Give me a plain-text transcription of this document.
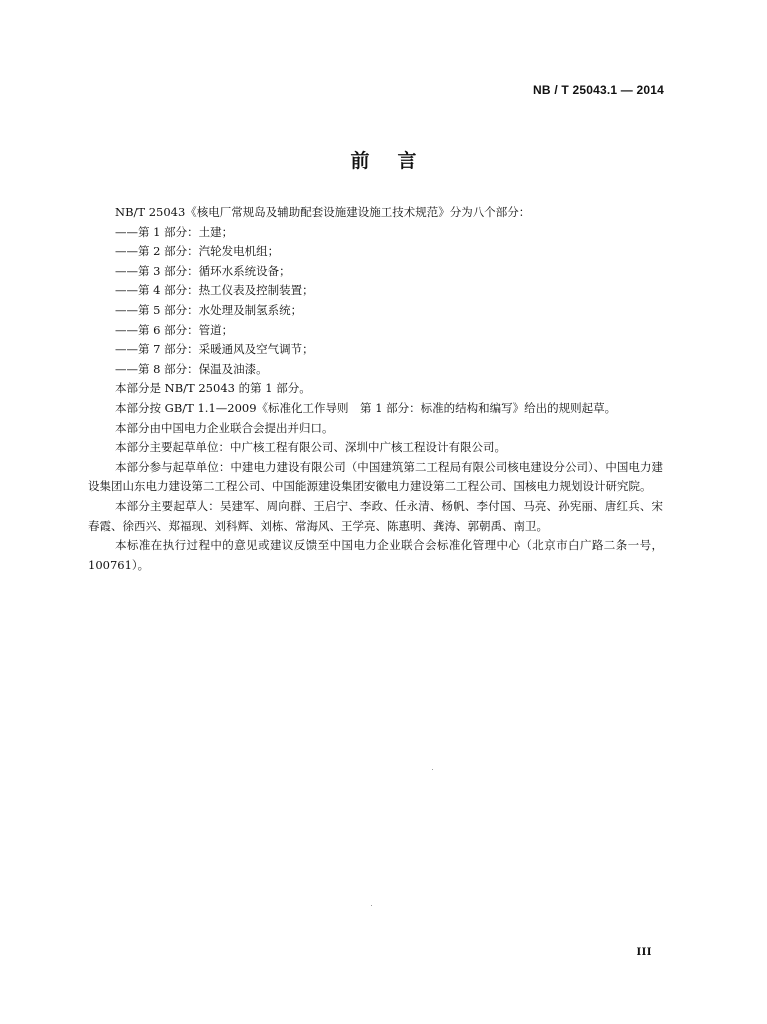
NB / T 25043.1 — 2014
前言

NB/T 25043《核电厂常规岛及辅助配套设施建设施工技术规范》分为八个部分：

——第 1 部分：土建；

——第 2 部分：汽轮发电机组；

——第 3 部分：循环水系统设备；

——第 4 部分：热工仪表及控制装置；

——第 5 部分：水处理及制氢系统；

——第 6 部分：管道；

——第 7 部分：采暖通风及空气调节；

——第 8 部分：保温及油漆。

本部分是 NB/T 25043 的第 1 部分。

本部分按 GB/T 1.1—2009《标准化工作导则　第 1 部分：标准的结构和编写》给出的规则起草。

本部分由中国电力企业联合会提出并归口。

本部分主要起草单位：中广核工程有限公司、深圳中广核工程设计有限公司。

本部分参与起草单位：中建电力建设有限公司（中国建筑第二工程局有限公司核电建设分公司）、中国电力建设集团山东电力建设第二工程公司、中国能源建设集团安徽电力建设第二工程公司、国核电力规划设计研究院。

本部分主要起草人：吴建军、周向群、王启宁、李政、任永清、杨帆、李付国、马亮、孙宪丽、唐红兵、宋春霞、徐西兴、郑福现、刘科辉、刘栋、常海风、王学亮、陈惠明、龚涛、郭朝禹、南卫。

本标准在执行过程中的意见或建议反馈至中国电力企业联合会标准化管理中心（北京市白广路二条一号，100761）。

III
